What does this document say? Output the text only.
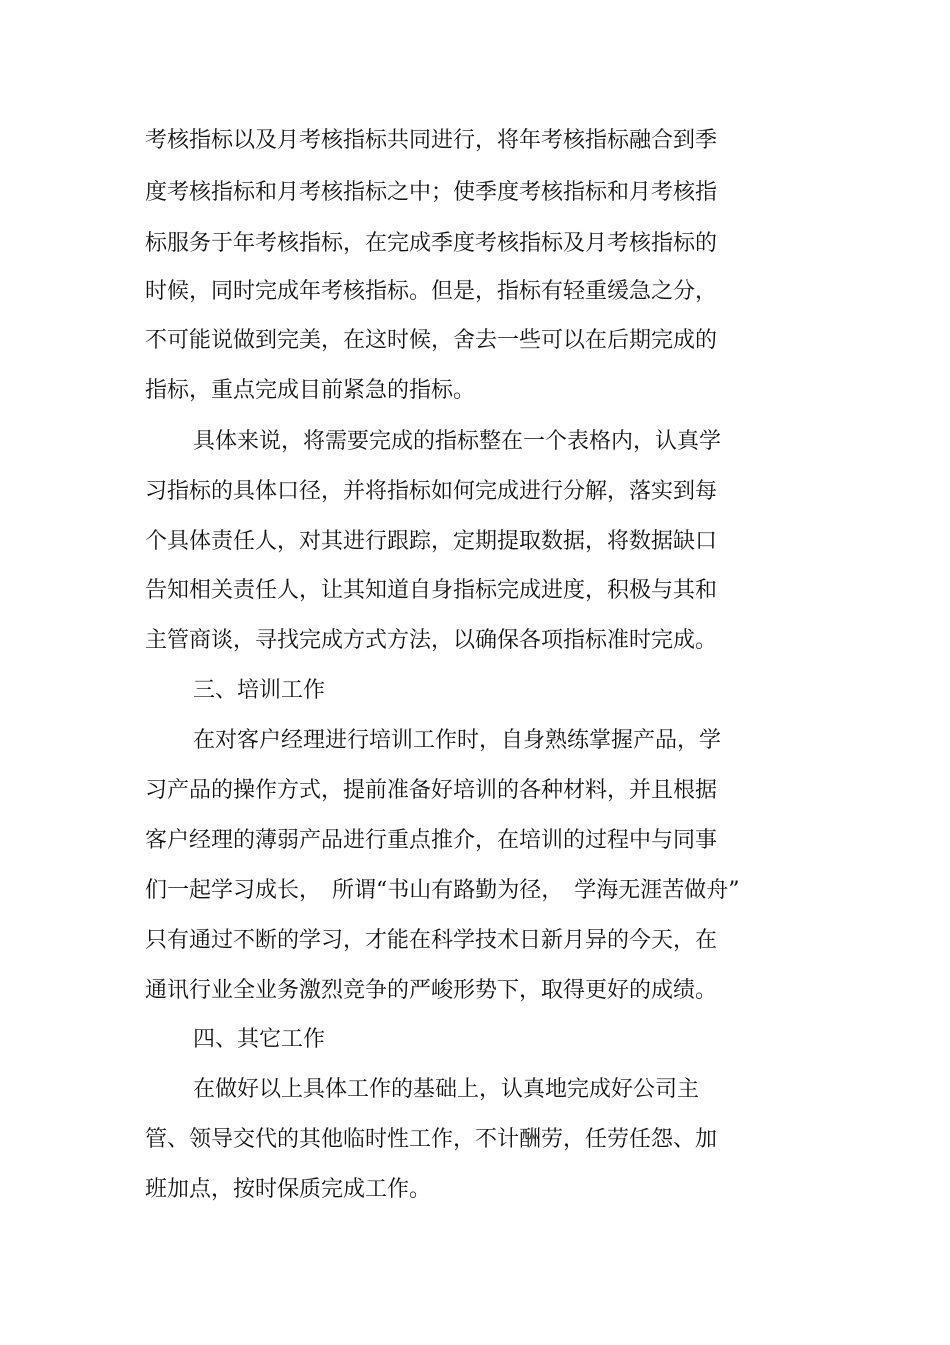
考核指标以及月考核指标共同进行，将年考核指标融合到季
度考核指标和月考核指标之中；使季度考核指标和月考核指
标服务于年考核指标，在完成季度考核指标及月考核指标的
时候，同时完成年考核指标。但是，指标有轻重缓急之分，
不可能说做到完美，在这时候，舍去一些可以在后期完成的
指标，重点完成目前紧急的指标。
具体来说，将需要完成的指标整在一个表格内，认真学
习指标的具体口径，并将指标如何完成进行分解，落实到每
个具体责任人，对其进行跟踪，定期提取数据，将数据缺口
告知相关责任人，让其知道自身指标完成进度，积极与其和
主管商谈，寻找完成方式方法，以确保各项指标准时完成。
三、培训工作
在对客户经理进行培训工作时，自身熟练掌握产品，学
习产品的操作方式，提前准备好培训的各种材料，并且根据
客户经理的薄弱产品进行重点推介，在培训的过程中与同事
们一起学习成长，　所谓“书山有路勤为径，　学海无涯苦做舟”
只有通过不断的学习，才能在科学技术日新月异的今天，在
通讯行业全业务激烈竞争的严峻形势下，取得更好的成绩。
四、其它工作
在做好以上具体工作的基础上，认真地完成好公司主
管、领导交代的其他临时性工作，不计酬劳，任劳任怨、加
班加点，按时保质完成工作。
